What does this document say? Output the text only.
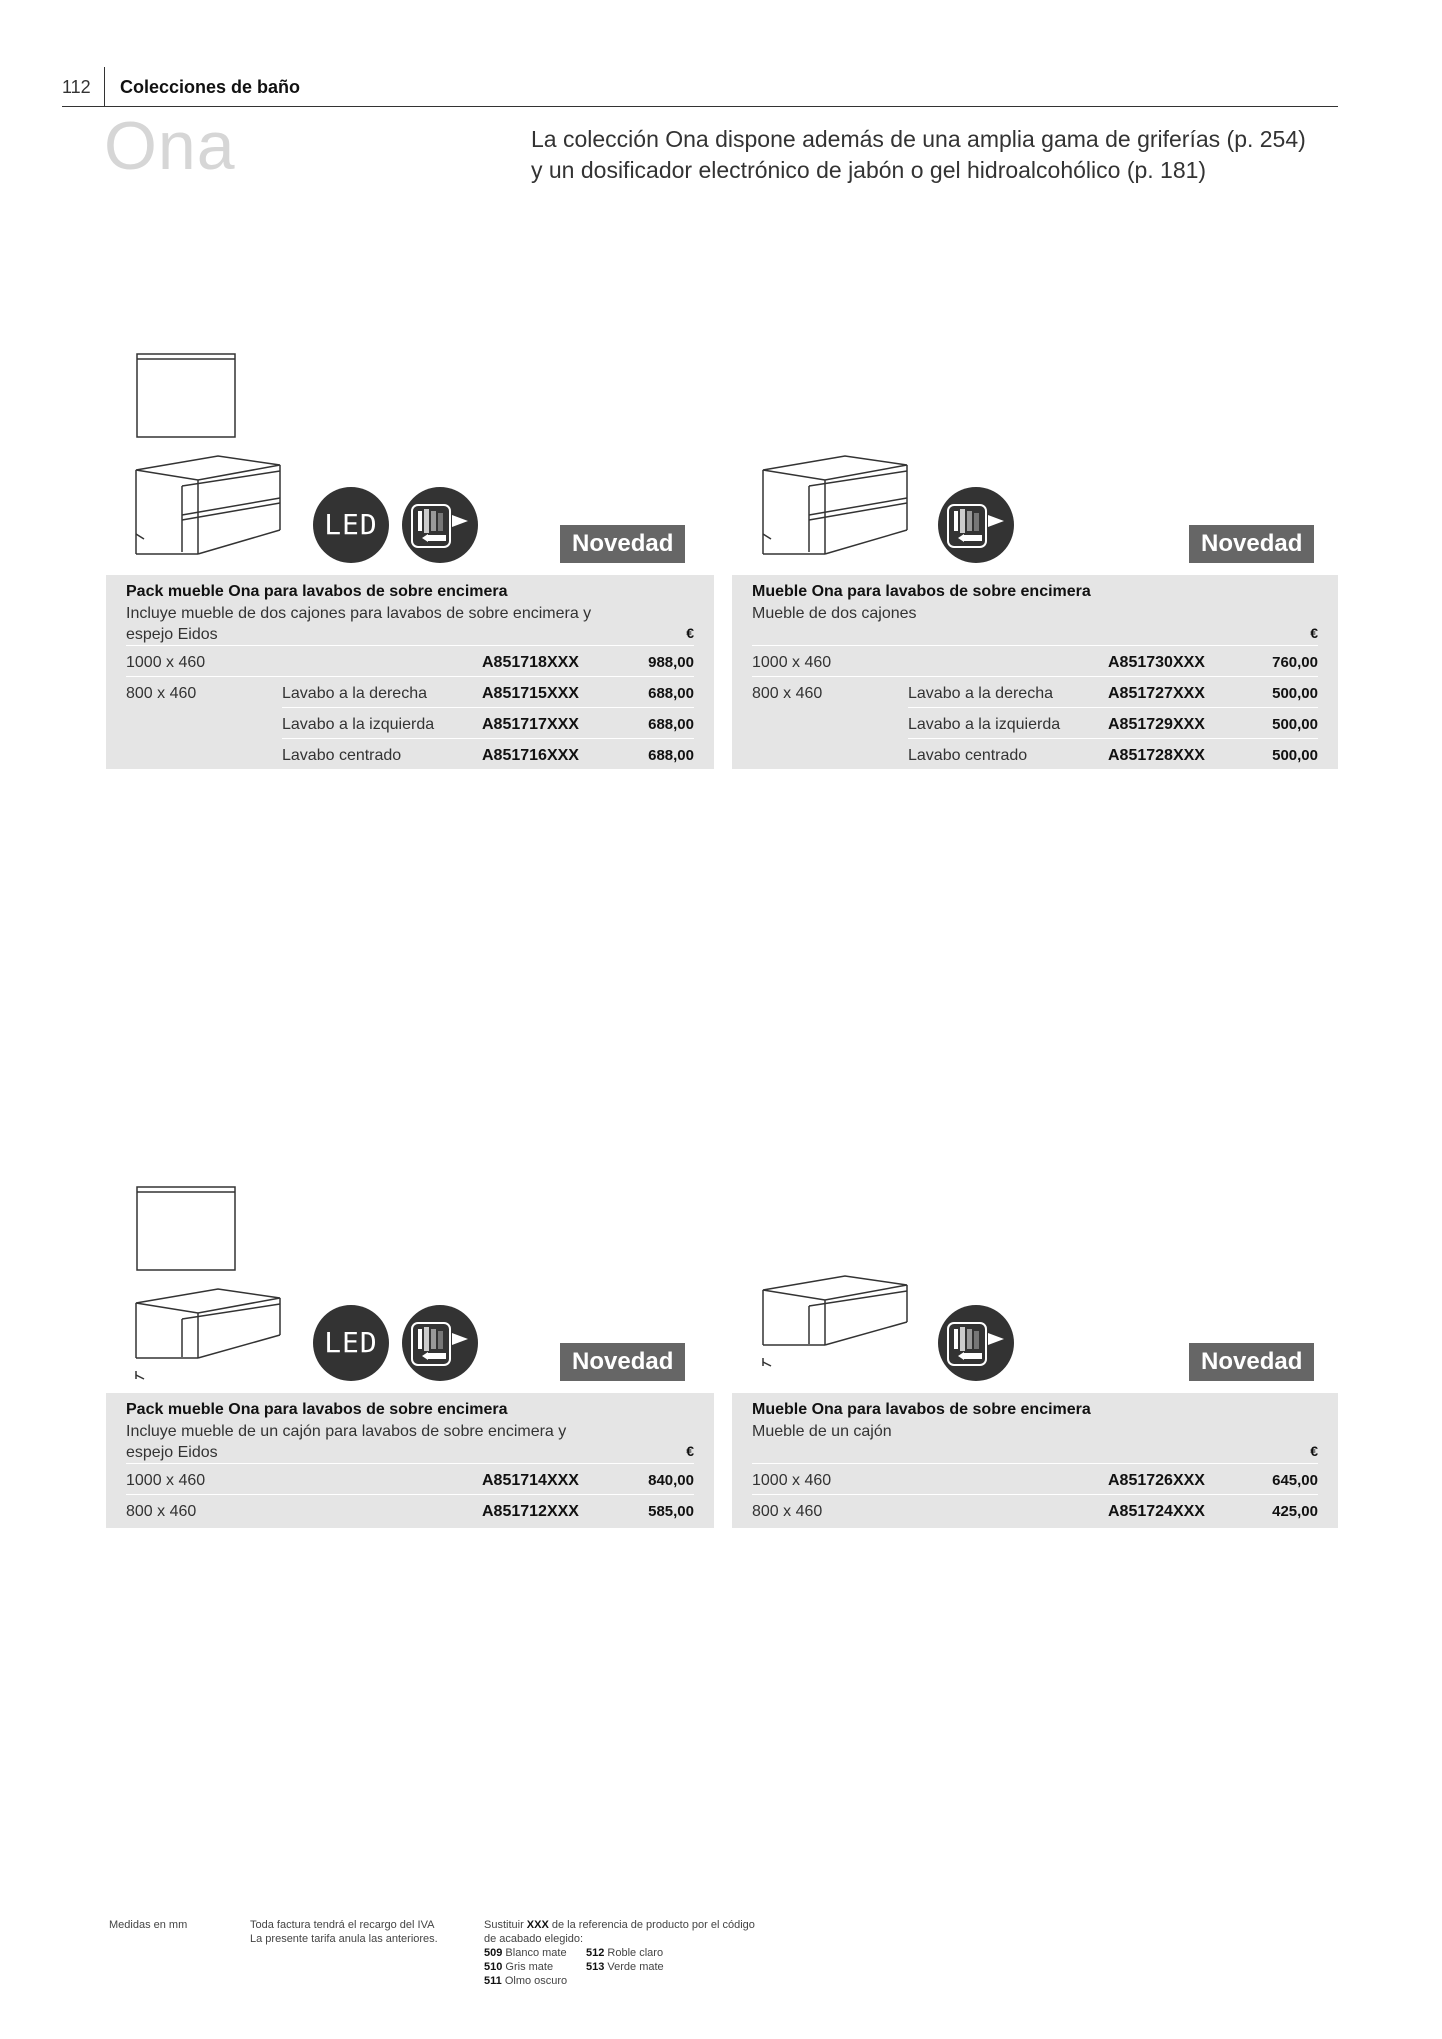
112 Colecciones de baño
Ona	La colección Ona dispone además de una amplia gama de griferías (p. 254)
y un dosificador electrónico de jabón o gel hidroalcohólico (p. 181)
LED
Novedad
Pack mueble Ona para lavabos de sobre encimera
Incluye mueble de dos cajones para lavabos de sobre encimera y
espejo Eidos	€
1000 x 460	A851718XXX	988,00
800 x 460	Lavabo a la derecha	A851715XXX	688,00
Lavabo a la izquierda	A851717XXX	688,00
Lavabo centrado	A851716XXX	688,00
Novedad
Mueble Ona para lavabos de sobre encimera
Mueble de dos cajones
€
1000 x 460	A851730XXX	760,00
800 x 460	Lavabo a la derecha	A851727XXX	500,00
Lavabo a la izquierda	A851729XXX	500,00
Lavabo centrado	A851728XXX	500,00
LED
Novedad
Pack mueble Ona para lavabos de sobre encimera
Incluye mueble de un cajón para lavabos de sobre encimera y
espejo Eidos	€
1000 x 460	A851714XXX	840,00
800 x 460	A851712XXX	585,00
Novedad
Mueble Ona para lavabos de sobre encimera
Mueble de un cajón
€
1000 x 460	A851726XXX	645,00
800 x 460	A851724XXX	425,00
Medidas en mm	Toda factura tendrá el recargo del IVA
La presente tarifa anula las anteriores.
Sustituir XXX de la referencia de producto por el código
de acabado elegido:
509 Blanco mate 512 Roble claro
510 Gris mate	513 Verde mate
511 Olmo oscuro
